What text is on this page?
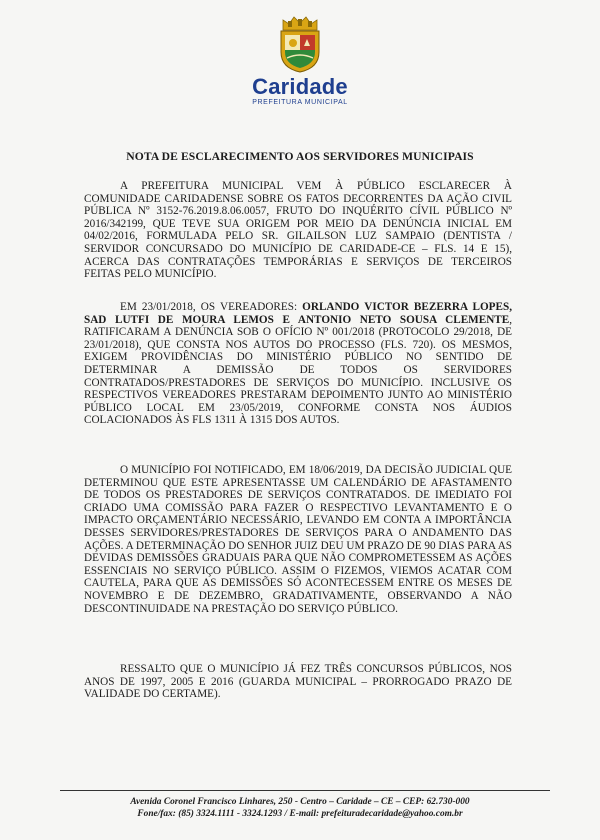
Caridade
PREFEITURA MUNICIPAL
NOTA DE ESCLARECIMENTO AOS SERVIDORES MUNICIPAIS

A PREFEITURA MUNICIPAL VEM À PÚBLICO ESCLARECER À COMUNIDADE CARIDADENSE SOBRE OS FATOS DECORRENTES DA AÇÃO CIVIL PÚBLICA Nº 3152-76.2019.8.06.0057, FRUTO DO INQUÉRITO CÍVIL PÚBLICO Nº 2016/342199, QUE TEVE SUA ORIGEM POR MEIO DA DENÚNCIA INICIAL EM 04/02/2016, FORMULADA PELO SR. GILAILSON LUZ SAMPAIO (DENTISTA / SERVIDOR CONCURSADO DO MUNICÍPIO DE CARIDADE-CE – FLS. 14 E 15), ACERCA DAS CONTRATAÇÕES TEMPORÁRIAS E SERVIÇOS DE TERCEIROS FEITAS PELO MUNICÍPIO.

EM 23/01/2018, OS VEREADORES: ORLANDO VICTOR BEZERRA LOPES, SAD LUTFI DE MOURA LEMOS E ANTONIO NETO SOUSA CLEMENTE, RATIFICARAM A DENÚNCIA SOB O OFÍCIO Nº 001/2018 (PROTOCOLO 29/2018, DE 23/01/2018), QUE CONSTA NOS AUTOS DO PROCESSO (FLS. 720). OS MESMOS, EXIGEM PROVIDÊNCIAS DO MINISTÉRIO PÚBLICO NO SENTIDO DE DETERMINAR A DEMISSÃO DE TODOS OS SERVIDORES CONTRATADOS/PRESTADORES DE SERVIÇOS DO MUNICÍPIO. INCLUSIVE OS RESPECTIVOS VEREADORES PRESTARAM DEPOIMENTO JUNTO AO MINISTÉRIO PÚBLICO LOCAL EM 23/05/2019, CONFORME CONSTA NOS ÁUDIOS COLACIONADOS ÀS FLS 1311 À 1315 DOS AUTOS.

O MUNICÍPIO FOI NOTIFICADO, EM 18/06/2019, DA DECISÃO JUDICIAL QUE DETERMINOU QUE ESTE APRESENTASSE UM CALENDÁRIO DE AFASTAMENTO DE TODOS OS PRESTADORES DE SERVIÇOS CONTRATADOS. DE IMEDIATO FOI CRIADO UMA COMISSÃO PARA FAZER O RESPECTIVO LEVANTAMENTO E O IMPACTO ORÇAMENTÁRIO NECESSÁRIO, LEVANDO EM CONTA A IMPORTÂNCIA DESSES SERVIDORES/PRESTADORES DE SERVIÇOS PARA O ANDAMENTO DAS AÇÕES. A DETERMINAÇÃO DO SENHOR JUIZ DEU UM PRAZO DE 90 DIAS PARA AS DEVIDAS DEMISSÕES GRADUAIS PARA QUE NÃO COMPROMETESSEM AS AÇÕES ESSENCIAIS NO SERVIÇO PÚBLICO. ASSIM O FIZEMOS, VIEMOS ACATAR COM CAUTELA, PARA QUE AS DEMISSÕES SÓ ACONTECESSEM ENTRE OS MESES DE NOVEMBRO E DE DEZEMBRO, GRADATIVAMENTE, OBSERVANDO A NÃO DESCONTINUIDADE NA PRESTAÇÃO DO SERVIÇO PÚBLICO.

RESSALTO QUE O MUNICÍPIO JÁ FEZ TRÊS CONCURSOS PÚBLICOS, NOS ANOS DE 1997, 2005 E 2016 (GUARDA MUNICIPAL – PRORROGADO PRAZO DE VALIDADE DO CERTAME).

Avenida Coronel Francisco Linhares, 250 - Centro – Caridade – CE – CEP: 62.730-000
Fone/fax: (85) 3324.1111 - 3324.1293 / E-mail: prefeituradecaridade@yahoo.com.br
